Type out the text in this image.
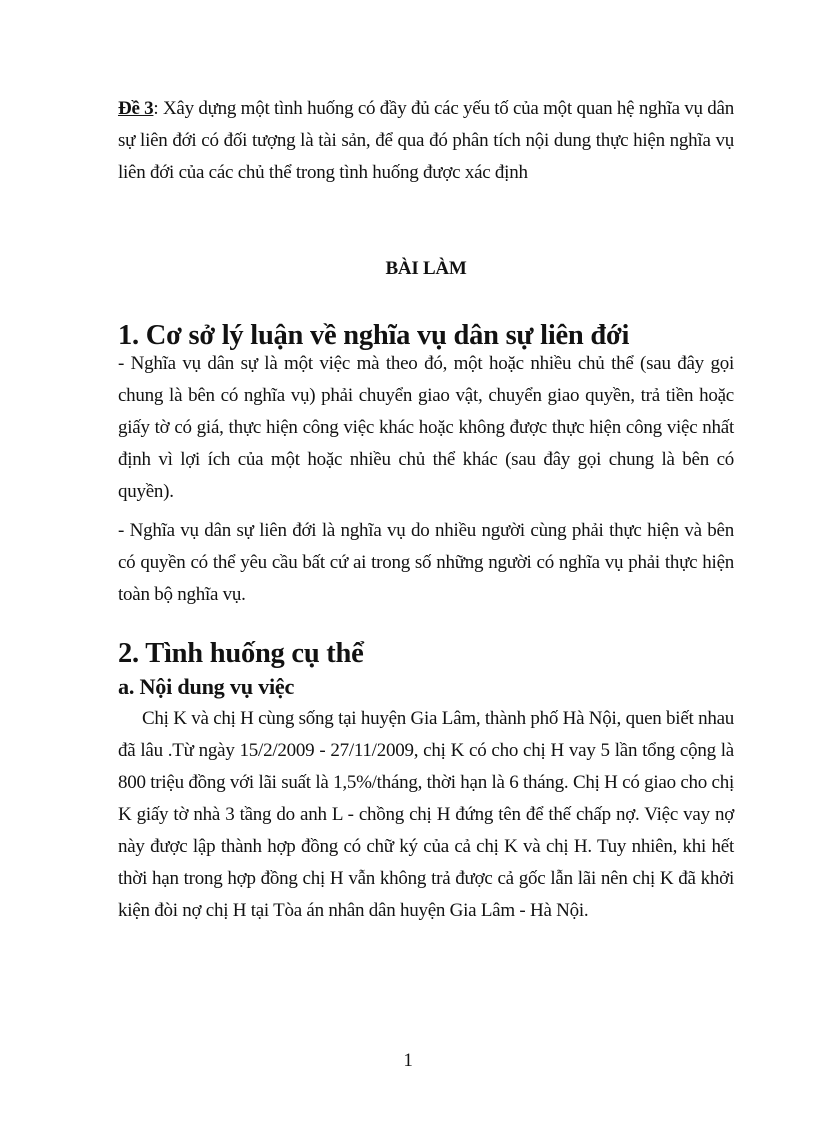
Đề 3: Xây dựng một tình huống có đầy đủ các yếu tố của một quan hệ nghĩa vụ dân sự liên đới có đối tượng là tài sản, để qua đó phân tích nội dung thực hiện nghĩa vụ liên đới của các chủ thể trong tình huống được xác định

BÀI LÀM
1. Cơ sở lý luận về nghĩa vụ dân sự liên đới

- Nghĩa vụ dân sự là một việc mà theo đó, một hoặc nhiều chủ thể (sau đây gọi chung là bên có nghĩa vụ) phải chuyển giao vật, chuyển giao quyền, trả tiền hoặc giấy tờ có giá, thực hiện công việc khác hoặc không được thực hiện công việc nhất định vì lợi ích của một hoặc nhiều chủ thể khác (sau đây gọi chung là bên có quyền).

- Nghĩa vụ dân sự liên đới là nghĩa vụ do nhiều người cùng phải thực hiện và bên có quyền có thể yêu cầu bất cứ ai trong số những người có nghĩa vụ phải thực hiện toàn bộ nghĩa vụ.

2. Tình huống cụ thể
a. Nội dung vụ việc

Chị K và chị H cùng sống tại huyện Gia Lâm, thành phố Hà Nội, quen biết nhau đã lâu .Từ ngày 15/2/2009 - 27/11/2009, chị K có cho chị H vay 5 lần tổng cộng là 800 triệu đồng với lãi suất là 1,5%/tháng, thời hạn là 6 tháng. Chị H có giao cho chị K giấy tờ nhà 3 tầng do anh L - chồng chị H đứng tên để thế chấp nợ. Việc vay nợ này được lập thành hợp đồng có chữ ký của cả chị K và chị H. Tuy nhiên, khi hết thời hạn trong hợp đồng chị H vẫn không trả được cả gốc lẫn lãi nên chị K đã khởi kiện đòi nợ chị H tại Tòa án nhân dân huyện Gia Lâm - Hà Nội.

1
